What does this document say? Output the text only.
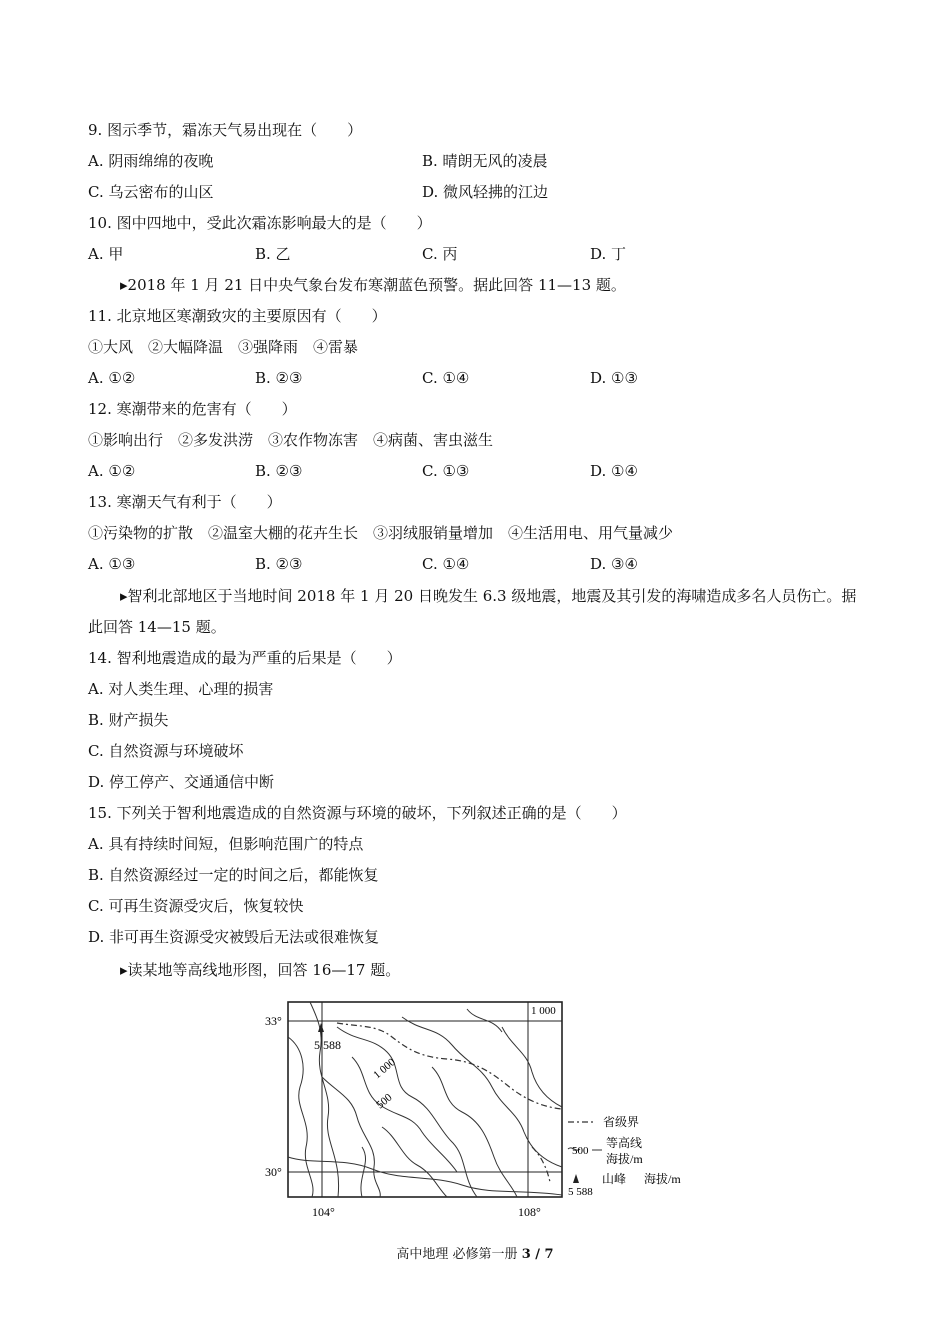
9. 图示季节，霜冻天气易出现在（　　）
A. 阴雨绵绵的夜晚	B. 晴朗无风的凌晨
C. 乌云密布的山区	D. 微风轻拂的江边
10. 图中四地中，受此次霜冻影响最大的是（　　）
A. 甲	B. 乙	C. 丙	D. 丁
▸2018 年 1 月 21 日中央气象台发布寒潮蓝色预警。据此回答 11—13 题。
11. 北京地区寒潮致灾的主要原因有（　　）
①大风　②大幅降温　③强降雨　④雷暴
A. ①②	B. ②③	C. ①④	D. ①③
12. 寒潮带来的危害有（　　）
①影响出行　②多发洪涝　③农作物冻害　④病菌、害虫滋生
A. ①②	B. ②③	C. ①③	D. ①④
13. 寒潮天气有利于（　　）
①污染物的扩散　②温室大棚的花卉生长　③羽绒服销量增加　④生活用电、用气量减少
A. ①③	B. ②③	C. ①④	D. ③④
▸智利北部地区于当地时间 2018 年 1 月 20 日晚发生 6.3 级地震，地震及其引发的海啸造成多名人员伤亡。据此回答 14—15 题。
14. 智利地震造成的最为严重的后果是（　　）
A. 对人类生理、心理的损害
B. 财产损失
C. 自然资源与环境破坏
D. 停工停产、交通通信中断
15. 下列关于智利地震造成的自然资源与环境的破坏，下列叙述正确的是（　　）
A. 具有持续时间短，但影响范围广的特点
B. 自然资源经过一定的时间之后，都能恢复
C. 可再生资源受灾后，恢复较快
D. 非可再生资源受灾被毁后无法或很难恢复
▸读某地等高线地形图，回答 16—17 题。
5 588
1 000
500
1 000
33°
30°
104°	108°
省级界
500
等高线
海拔/m
5 588
山峰 海拔/m
高中地理 必修第一册 3 / 7
